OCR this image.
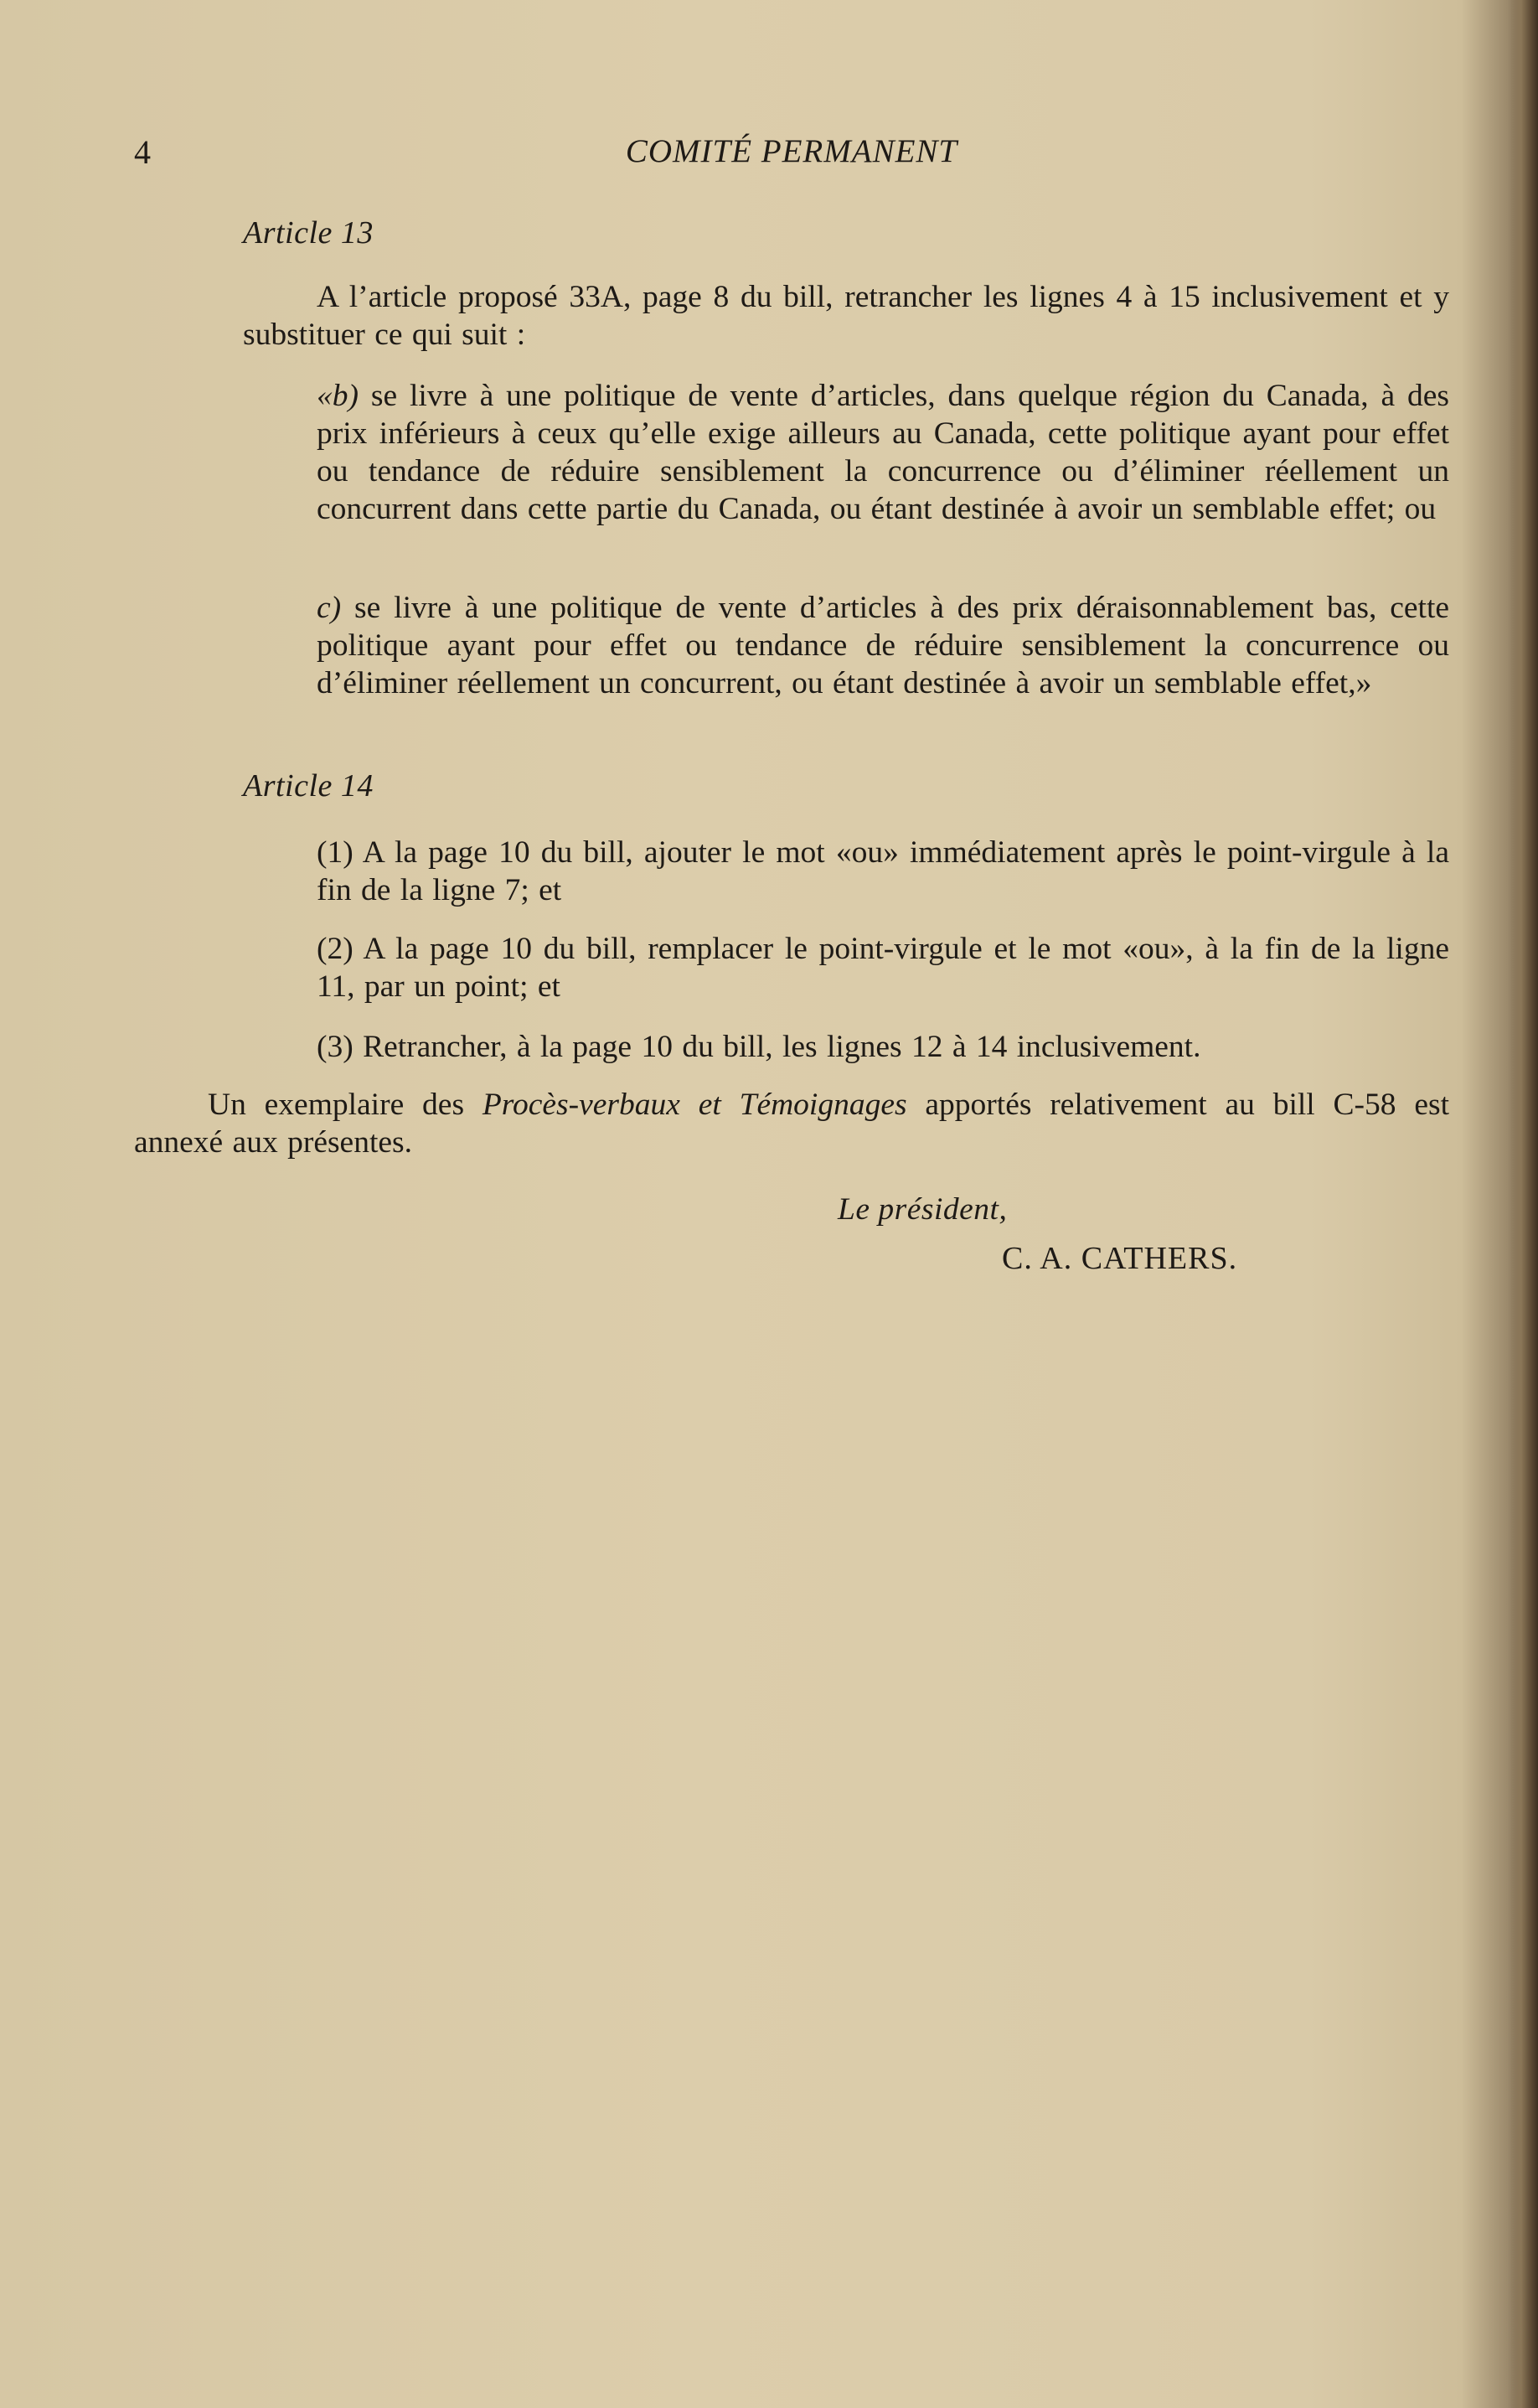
4	COMITÉ PERMANENT
Article 13

A l’article proposé 33A, page 8 du bill, retrancher les lignes 4 à 15 inclusivement et y substituer ce qui suit :

«b) se livre à une politique de vente d’articles, dans quelque région du Canada, à des prix inférieurs à ceux qu’elle exige ailleurs au Canada, cette politique ayant pour effet ou tendance de réduire sensiblement la concurrence ou d’éliminer réellement un concurrent dans cette partie du Canada, ou étant destinée à avoir un semblable effet; ou

c) se livre à une politique de vente d’articles à des prix déraisonnablement bas, cette politique ayant pour effet ou tendance de réduire sensiblement la concurrence ou d’éliminer réellement un concurrent, ou étant destinée à avoir un semblable effet,»

Article 14

(1) A la page 10 du bill, ajouter le mot «ou» immédiatement après le point-virgule à la fin de la ligne 7; et

(2) A la page 10 du bill, remplacer le point-virgule et le mot «ou», à la fin de la ligne 11, par un point; et

(3) Retrancher, à la page 10 du bill, les lignes 12 à 14 inclusivement.

Un exemplaire des Procès-verbaux et Témoignages apportés relativement au bill C-58 est annexé aux présentes.

Le président,
C. A. CATHERS.
